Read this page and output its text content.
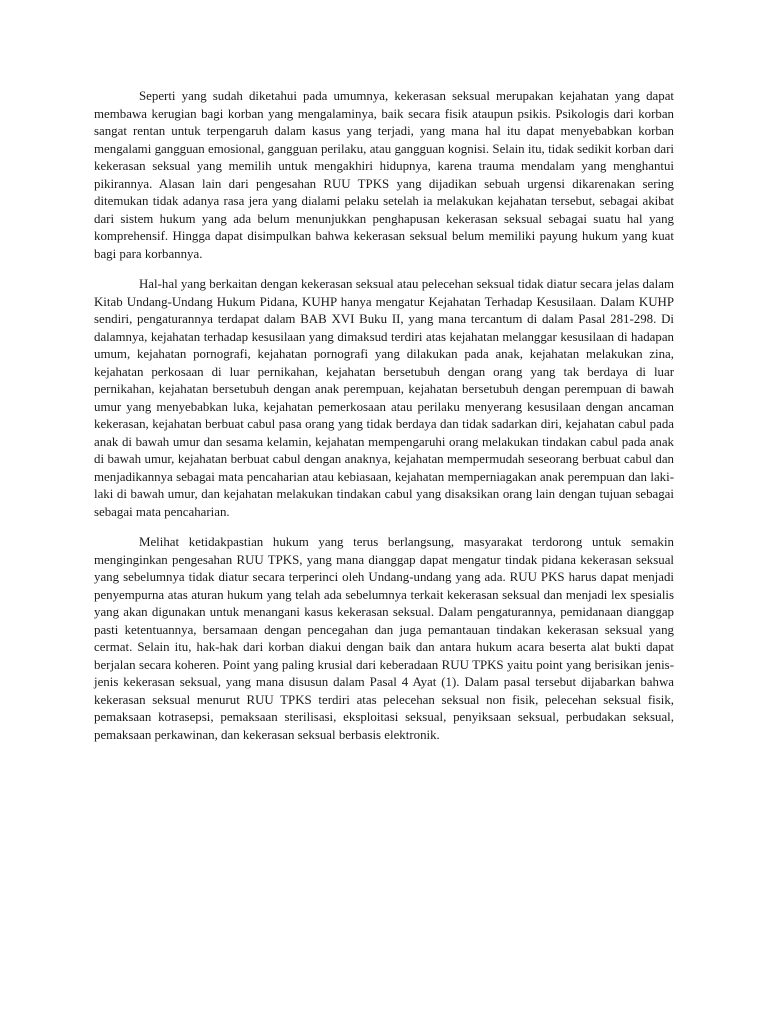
Seperti yang sudah diketahui pada umumnya, kekerasan seksual merupakan kejahatan yang dapat membawa kerugian bagi korban yang mengalaminya, baik secara fisik ataupun psikis. Psikologis dari korban sangat rentan untuk terpengaruh dalam kasus yang terjadi, yang mana hal itu dapat menyebabkan korban mengalami gangguan emosional, gangguan perilaku, atau gangguan kognisi. Selain itu, tidak sedikit korban dari kekerasan seksual yang memilih untuk mengakhiri hidupnya, karena trauma mendalam yang menghantui pikirannya. Alasan lain dari pengesahan RUU TPKS yang dijadikan sebuah urgensi dikarenakan sering ditemukan tidak adanya rasa jera yang dialami pelaku setelah ia melakukan kejahatan tersebut, sebagai akibat dari sistem hukum yang ada belum menunjukkan penghapusan kekerasan seksual sebagai suatu hal yang komprehensif. Hingga dapat disimpulkan bahwa kekerasan seksual belum memiliki payung hukum yang kuat bagi para korbannya.

Hal-hal yang berkaitan dengan kekerasan seksual atau pelecehan seksual tidak diatur secara jelas dalam Kitab Undang-Undang Hukum Pidana, KUHP hanya mengatur Kejahatan Terhadap Kesusilaan. Dalam KUHP sendiri, pengaturannya terdapat dalam BAB XVI Buku II, yang mana tercantum di dalam Pasal 281-298. Di dalamnya, kejahatan terhadap kesusilaan yang dimaksud terdiri atas kejahatan melanggar kesusilaan di hadapan umum, kejahatan pornografi, kejahatan pornografi yang dilakukan pada anak, kejahatan melakukan zina, kejahatan perkosaan di luar pernikahan, kejahatan bersetubuh dengan orang yang tak berdaya di luar pernikahan, kejahatan bersetubuh dengan anak perempuan, kejahatan bersetubuh dengan perempuan di bawah umur yang menyebabkan luka, kejahatan pemerkosaan atau perilaku menyerang kesusilaan dengan ancaman kekerasan, kejahatan berbuat cabul pasa orang yang tidak berdaya dan tidak sadarkan diri, kejahatan cabul pada anak di bawah umur dan sesama kelamin, kejahatan mempengaruhi orang melakukan tindakan cabul pada anak di bawah umur, kejahatan berbuat cabul dengan anaknya, kejahatan mempermudah seseorang berbuat cabul dan menjadikannya sebagai mata pencaharian atau kebiasaan, kejahatan memperniagakan anak perempuan dan laki-laki di bawah umur, dan kejahatan melakukan tindakan cabul yang disaksikan orang lain dengan tujuan sebagai sebagai mata pencaharian.

Melihat ketidakpastian hukum yang terus berlangsung, masyarakat terdorong untuk semakin menginginkan pengesahan RUU TPKS, yang mana dianggap dapat mengatur tindak pidana kekerasan seksual yang sebelumnya tidak diatur secara terperinci oleh Undang-undang yang ada. RUU PKS harus dapat menjadi penyempurna atas aturan hukum yang telah ada sebelumnya terkait kekerasan seksual dan menjadi lex spesialis yang akan digunakan untuk menangani kasus kekerasan seksual. Dalam pengaturannya, pemidanaan dianggap pasti ketentuannya, bersamaan dengan pencegahan dan juga pemantauan tindakan kekerasan seksual yang cermat. Selain itu, hak-hak dari korban diakui dengan baik dan antara hukum acara beserta alat bukti dapat berjalan secara koheren. Point yang paling krusial dari keberadaan RUU TPKS yaitu point yang berisikan jenis-jenis kekerasan seksual, yang mana disusun dalam Pasal 4 Ayat (1). Dalam pasal tersebut dijabarkan bahwa kekerasan seksual menurut RUU TPKS terdiri atas pelecehan seksual non fisik, pelecehan seksual fisik, pemaksaan kotrasepsi, pemaksaan sterilisasi, eksploitasi seksual, penyiksaan seksual, perbudakan seksual, pemaksaan perkawinan, dan kekerasan seksual berbasis elektronik.
